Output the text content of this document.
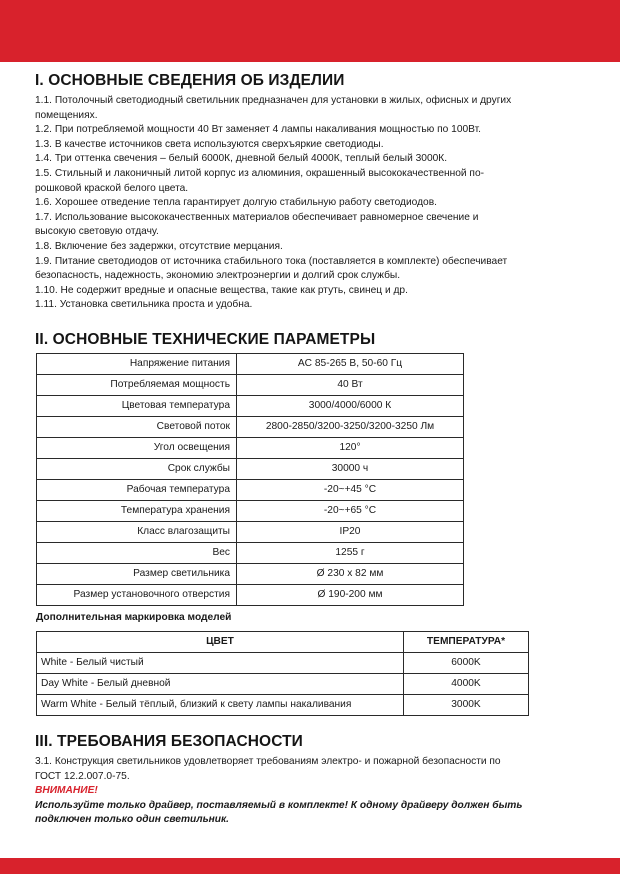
I. ОСНОВНЫЕ СВЕДЕНИЯ ОБ ИЗДЕЛИИ

1.1. Потолочный светодиодный светильник предназначен для установки в жилых, офисных и других

помещениях.

1.2. При потребляемой мощности 40 Вт заменяет 4 лампы накаливания мощностью по 100Вт.

1.3. В качестве источников света используются сверхъяркие светодиоды.

1.4. Три оттенка свечения – белый 6000К, дневной белый 4000К, теплый белый 3000К.

1.5. Стильный и лаконичный литой корпус из алюминия, окрашенный высококачественной по-

рошковой краской белого цвета.

1.6. Хорошее отведение тепла гарантирует долгую стабильную работу светодиодов.

1.7. Использование высококачественных материалов обеспечивает равномерное свечение и

высокую световую отдачу.

1.8. Включение без задержки, отсутствие мерцания.

1.9. Питание светодиодов от источника стабильного тока (поставляется в комплекте) обеспечивает

безопасность, надежность, экономию электроэнергии и долгий срок службы.

1.10. Не содержит вредные и опасные вещества, такие как ртуть, свинец и др.

1.11. Установка светильника проста и удобна.

II. ОСНОВНЫЕ ТЕХНИЧЕСКИЕ ПАРАМЕТРЫ
Напряжение питания	AC 85-265 В, 50-60 Гц
Потребляемая мощность	40 Вт
Цветовая температура	3000/4000/6000 К
Световой поток	2800-2850/3200-3250/3200-3250 Лм
Угол освещения	120°
Срок службы	30000 ч
Рабочая температура	-20~+45 °С
Температура хранения	-20~+65 °С
Класс влагозащиты	IP20
Вес	1255 г
Размер светильника	Ø 230 х 82 мм
Размер установочного отверстия	Ø 190-200 мм
Дополнительная маркировка моделей
ЦВЕТ	ТЕМПЕРАТУРА*
White - Белый чистый	6000K
Day White - Белый дневной	4000K
Warm White - Белый тёплый, близкий к свету лампы накаливания	3000K
III. ТРЕБОВАНИЯ БЕЗОПАСНОСТИ

3.1. Конструкция светильников удовлетворяет требованиям электро- и пожарной безопасности по

ГОСТ 12.2.007.0-75.

ВНИМАНИЕ!
Используйте только драйвер, поставляемый в комплекте! К одному драйверу должен быть
подключен только один светильник.
